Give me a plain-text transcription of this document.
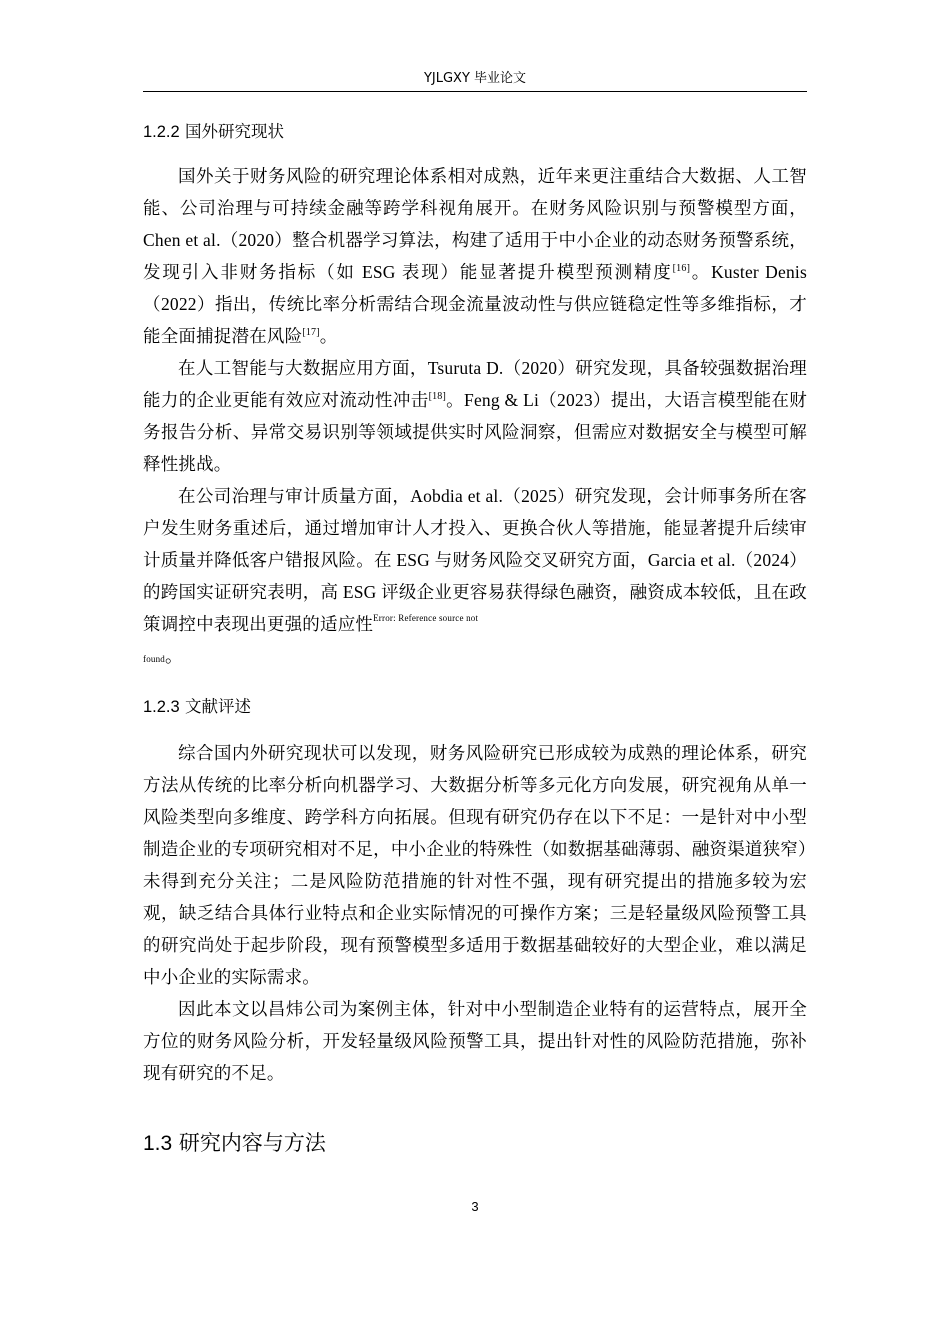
YJLGXY 毕业论文
1.2.2 国外研究现状

国外关于财务风险的研究理论体系相对成熟，近年来更注重结合大数据、人工智能、公司治理与可持续金融等跨学科视角展开。在财务风险识别与预警模型方面，Chen et al.（2020）整合机器学习算法，构建了适用于中小企业的动态财务预警系统，发现引入非财务指标（如 ESG 表现）能显著提升模型预测精度[16]。Kuster Denis（2022）指出，传统比率分析需结合现金流量波动性与供应链稳定性等多维指标，才能全面捕捉潜在风险[17]。

在人工智能与大数据应用方面，Tsuruta D.（2020）研究发现，具备较强数据治理能力的企业更能有效应对流动性冲击[18]。Feng & Li（2023）提出，大语言模型能在财务报告分析、异常交易识别等领域提供实时风险洞察，但需应对数据安全与模型可解释性挑战。

在公司治理与审计质量方面，Aobdia et al.（2025）研究发现，会计师事务所在客户发生财务重述后，通过增加审计人才投入、更换合伙人等措施，能显著提升后续审计质量并降低客户错报风险。在 ESG 与财务风险交叉研究方面，Garcia et al.（2024）的跨国实证研究表明，高 ESG 评级企业更容易获得绿色融资，融资成本较低，且在政策调控中表现出更强的适应性$^{Error: Reference source not}$
found。

1.2.3 文献评述

综合国内外研究现状可以发现，财务风险研究已形成较为成熟的理论体系，研究方法从传统的比率分析向机器学习、大数据分析等多元化方向发展，研究视角从单一风险类型向多维度、跨学科方向拓展。但现有研究仍存在以下不足：一是针对中小型制造企业的专项研究相对不足，中小企业的特殊性（如数据基础薄弱、融资渠道狭窄）未得到充分关注；二是风险防范措施的针对性不强，现有研究提出的措施多较为宏观，缺乏结合具体行业特点和企业实际情况的可操作方案；三是轻量级风险预警工具的研究尚处于起步阶段，现有预警模型多适用于数据基础较好的大型企业，难以满足中小企业的实际需求。

因此本文以昌炜公司为案例主体，针对中小型制造企业特有的运营特点，展开全方位的财务风险分析，开发轻量级风险预警工具，提出针对性的风险防范措施，弥补现有研究的不足。

1.3 研究内容与方法
3
